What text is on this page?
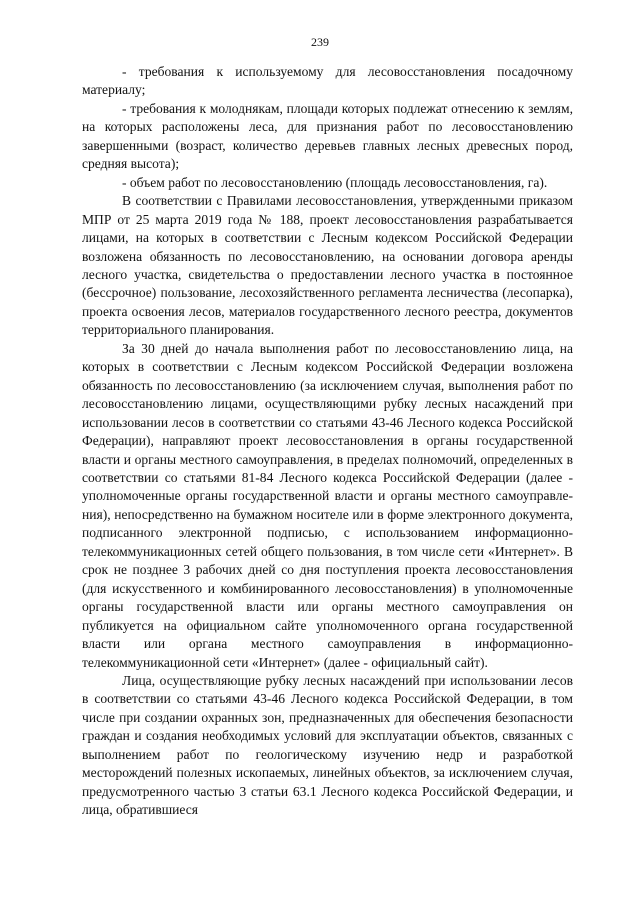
239

- требования к используемому для лесовосстановления посадочному материалу;

- требования к молоднякам, площади которых подлежат отнесению к землям, на которых расположены леса, для признания работ по лесовосстановлению завершенными (возраст, количество деревьев главных лесных древесных пород, средняя высота);

- объем работ по лесовосстановлению (площадь лесовосстановления, га).

В соответствии с Правилами лесовосстановления, утвержденными приказом МПР от 25 марта 2019 года № 188, проект лесовосстановления разрабатывается лицами, на которых в соответствии с Лесным кодексом Российской Федерации возложена обязанность по лесовосстановлению, на основании договора аренды лесного участка, свидетельства о предоставлении лесного участка в постоянное (бессрочное) пользование, лесохозяйственного регламента лесничества (лесопарка), проекта освоения лесов, материалов государственного лесного реестра, документов территориального планирования.

За 30 дней до начала выполнения работ по лесовосстановлению лица, на которых в соответствии с Лесным кодексом Российской Федерации возложена обязанность по лесовосстановлению (за исключением случая, выполнения работ по лесовосстановлению лицами, осуществляющими рубку лесных насаждений при использовании лесов в соответствии со статьями 43-46 Лесного кодекса Российской Федерации), направляют проект лесовосстановления в органы государственной власти и органы местного самоуправления, в пределах полномочий, определенных в соответствии со статьями 81-84 Лесного кодекса Российской Федерации (далее - уполномоченные органы государственной власти и органы местного самоуправления), непосредственно на бумажном носителе или в форме электронного документа, подписанного электронной подписью, с использованием информационно-телекоммуникационных сетей общего пользования, в том числе сети «Интернет». В срок не позднее 3 рабочих дней со дня поступления проекта лесовосстановления (для искусственного и комбинированного лесовосстановления) в уполномоченные органы государственной власти или органы местного самоуправления он публикуется на официальном сайте уполномоченного органа государственной власти или органа местного самоуправления в информационно-телекоммуникационной сети «Интернет» (далее - официальный сайт).

Лица, осуществляющие рубку лесных насаждений при использовании лесов в соответствии со статьями 43-46 Лесного кодекса Российской Федерации, в том числе при создании охранных зон, предназначенных для обеспечения безопасности граждан и создания необходимых условий для эксплуатации объектов, связанных с выполнением работ по геологическому изучению недр и разработкой месторождений полезных ископаемых, линейных объектов, за исключением случая, предусмотренного частью 3 статьи 63.1 Лесного кодекса Российской Федерации, и лица, обратившиеся
